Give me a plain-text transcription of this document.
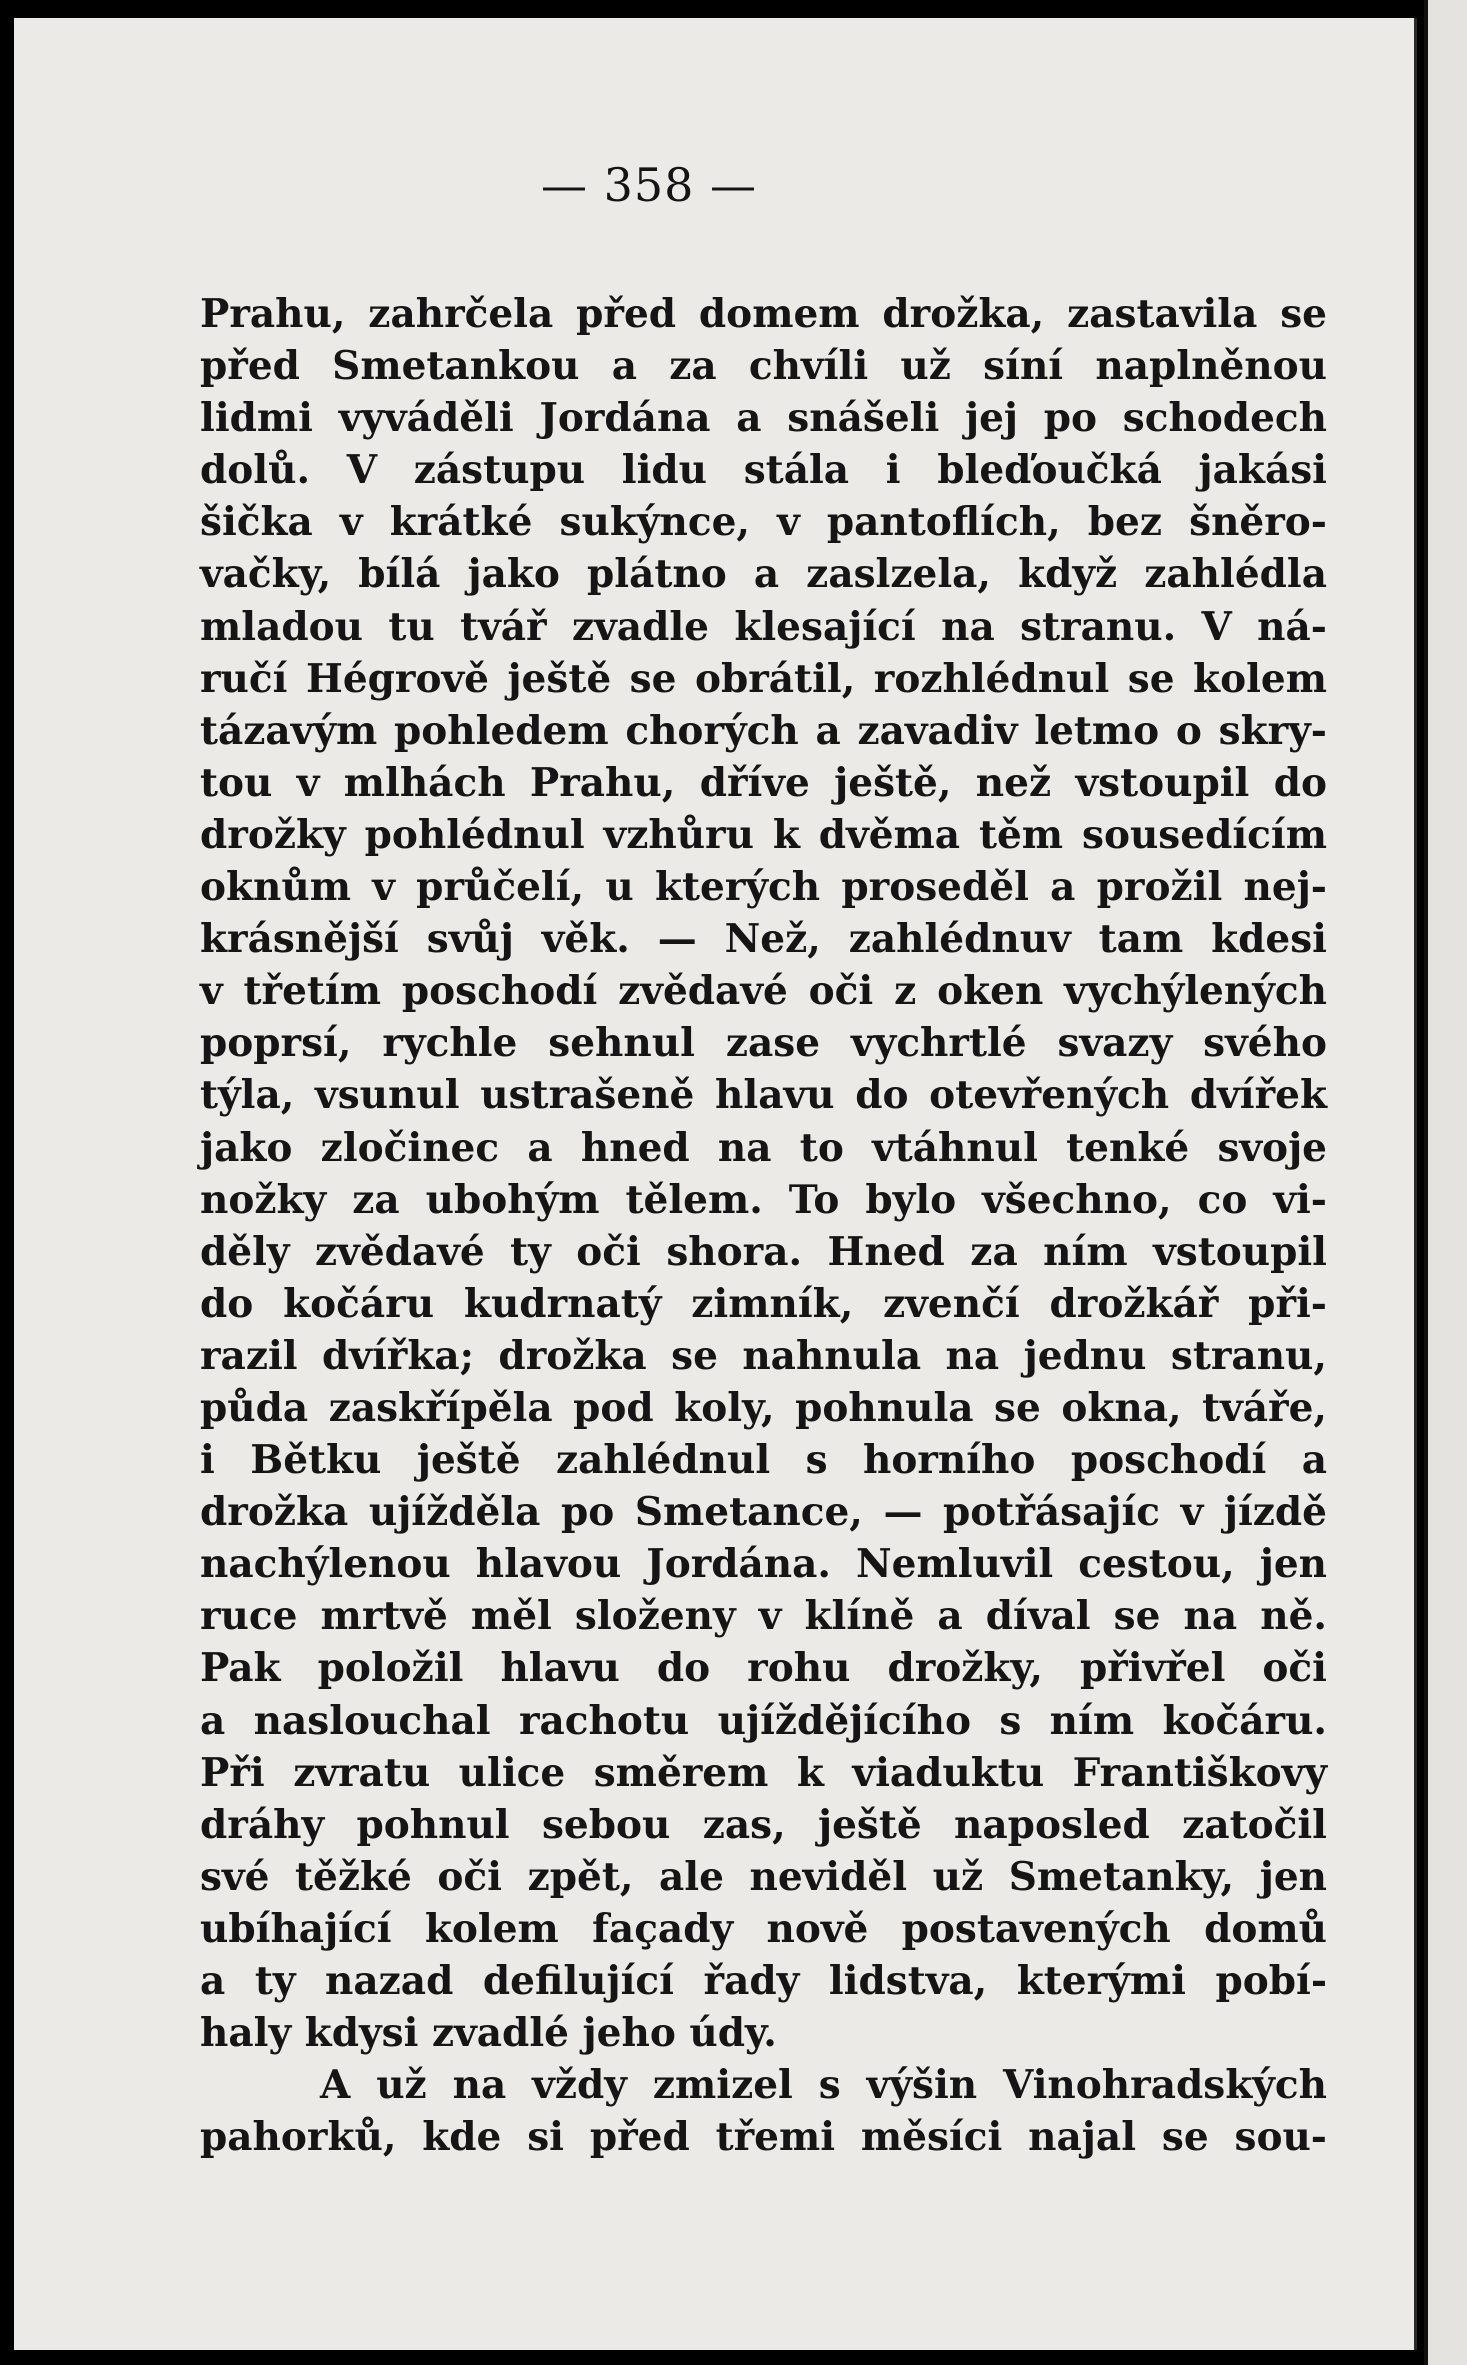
— 358 —
Prahu, zahrčela před domem drožka, zastavila se
před Smetankou a za chvíli už síní naplněnou
lidmi vyváděli Jordána a snášeli jej po schodech
dolů. V zástupu lidu stála i bleďoučká jakási
šička v krátké sukýnce, v pantoflích, bez šněro-
vačky, bílá jako plátno a zaslzela, když zahlédla
mladou tu tvář zvadle klesající na stranu. V ná-
ručí Hégrově ještě se obrátil, rozhlédnul se kolem
tázavým pohledem chorých a zavadiv letmo o skry-
tou v mlhách Prahu, dříve ještě, než vstoupil do
drožky pohlédnul vzhůru k dvěma těm sousedícím
oknům v průčelí, u kterých proseděl a prožil nej-
krásnější svůj věk. — Než, zahlédnuv tam kdesi
v třetím poschodí zvědavé oči z oken vychýlených
poprsí, rychle sehnul zase vychrtlé svazy svého
týla, vsunul ustrašeně hlavu do otevřených dvířek
jako zločinec a hned na to vtáhnul tenké svoje
nožky za ubohým tělem. To bylo všechno, co vi-
děly zvědavé ty oči shora. Hned za ním vstoupil
do kočáru kudrnatý zimník, zvenčí drožkář při-
razil dvířka; drožka se nahnula na jednu stranu,
půda zaskřípěla pod koly, pohnula se okna, tváře,
i Bětku ještě zahlédnul s horního poschodí a
drožka ujížděla po Smetance, — potřásajíc v jízdě
nachýlenou hlavou Jordána. Nemluvil cestou, jen
ruce mrtvě měl složeny v klíně a díval se na ně.
Pak položil hlavu do rohu drožky, přivřel oči
a naslouchal rachotu ujíždějícího s ním kočáru.
Při zvratu ulice směrem k viaduktu Františkovy
dráhy pohnul sebou zas, ještě naposled zatočil
své těžké oči zpět, ale neviděl už Smetanky, jen
ubíhající kolem façady nově postavených domů
a ty nazad defilující řady lidstva, kterými pobí-
haly kdysi zvadlé jeho údy.
A už na vždy zmizel s výšin Vinohradských
pahorků, kde si před třemi měsíci najal se sou-
